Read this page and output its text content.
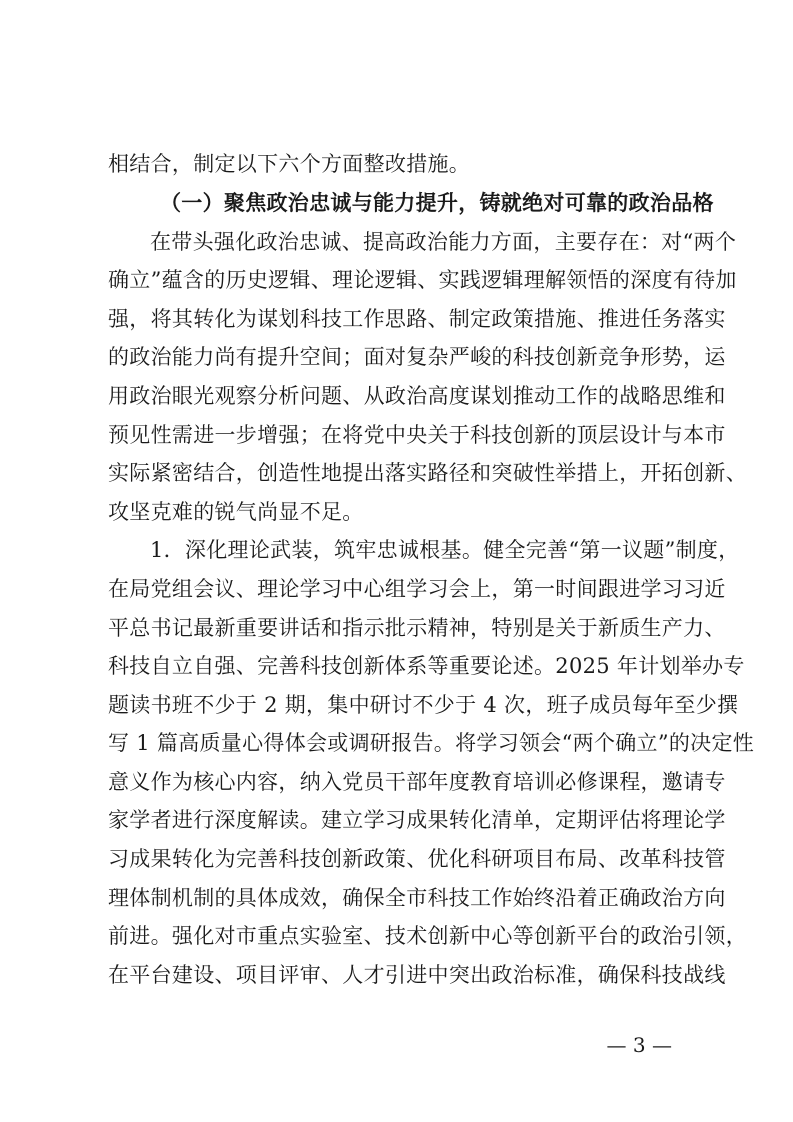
相结合，制定以下六个方面整改措施。
（一）聚焦政治忠诚与能力提升，铸就绝对可靠的政治品格
在带头强化政治忠诚、提高政治能力方面，主要存在：对“两个
确立”蕴含的历史逻辑、理论逻辑、实践逻辑理解领悟的深度有待加
强，将其转化为谋划科技工作思路、制定政策措施、推进任务落实
的政治能力尚有提升空间；面对复杂严峻的科技创新竞争形势，运
用政治眼光观察分析问题、从政治高度谋划推动工作的战略思维和
预见性需进一步增强；在将党中央关于科技创新的顶层设计与本市
实际紧密结合，创造性地提出落实路径和突破性举措上，开拓创新、
攻坚克难的锐气尚显不足。
1．深化理论武装，筑牢忠诚根基。健全完善“第一议题”制度，
在局党组会议、理论学习中心组学习会上，第一时间跟进学习习近
平总书记最新重要讲话和指示批示精神，特别是关于新质生产力、
科技自立自强、完善科技创新体系等重要论述。2025 年计划举办专
题读书班不少于 2 期，集中研讨不少于 4 次，班子成员每年至少撰
写 1 篇高质量心得体会或调研报告。将学习领会“两个确立”的决定性
意义作为核心内容，纳入党员干部年度教育培训必修课程，邀请专
家学者进行深度解读。建立学习成果转化清单，定期评估将理论学
习成果转化为完善科技创新政策、优化科研项目布局、改革科技管
理体制机制的具体成效，确保全市科技工作始终沿着正确政治方向
前进。强化对市重点实验室、技术创新中心等创新平台的政治引领，
在平台建设、项目评审、人才引进中突出政治标准，确保科技战线
— 3 —
